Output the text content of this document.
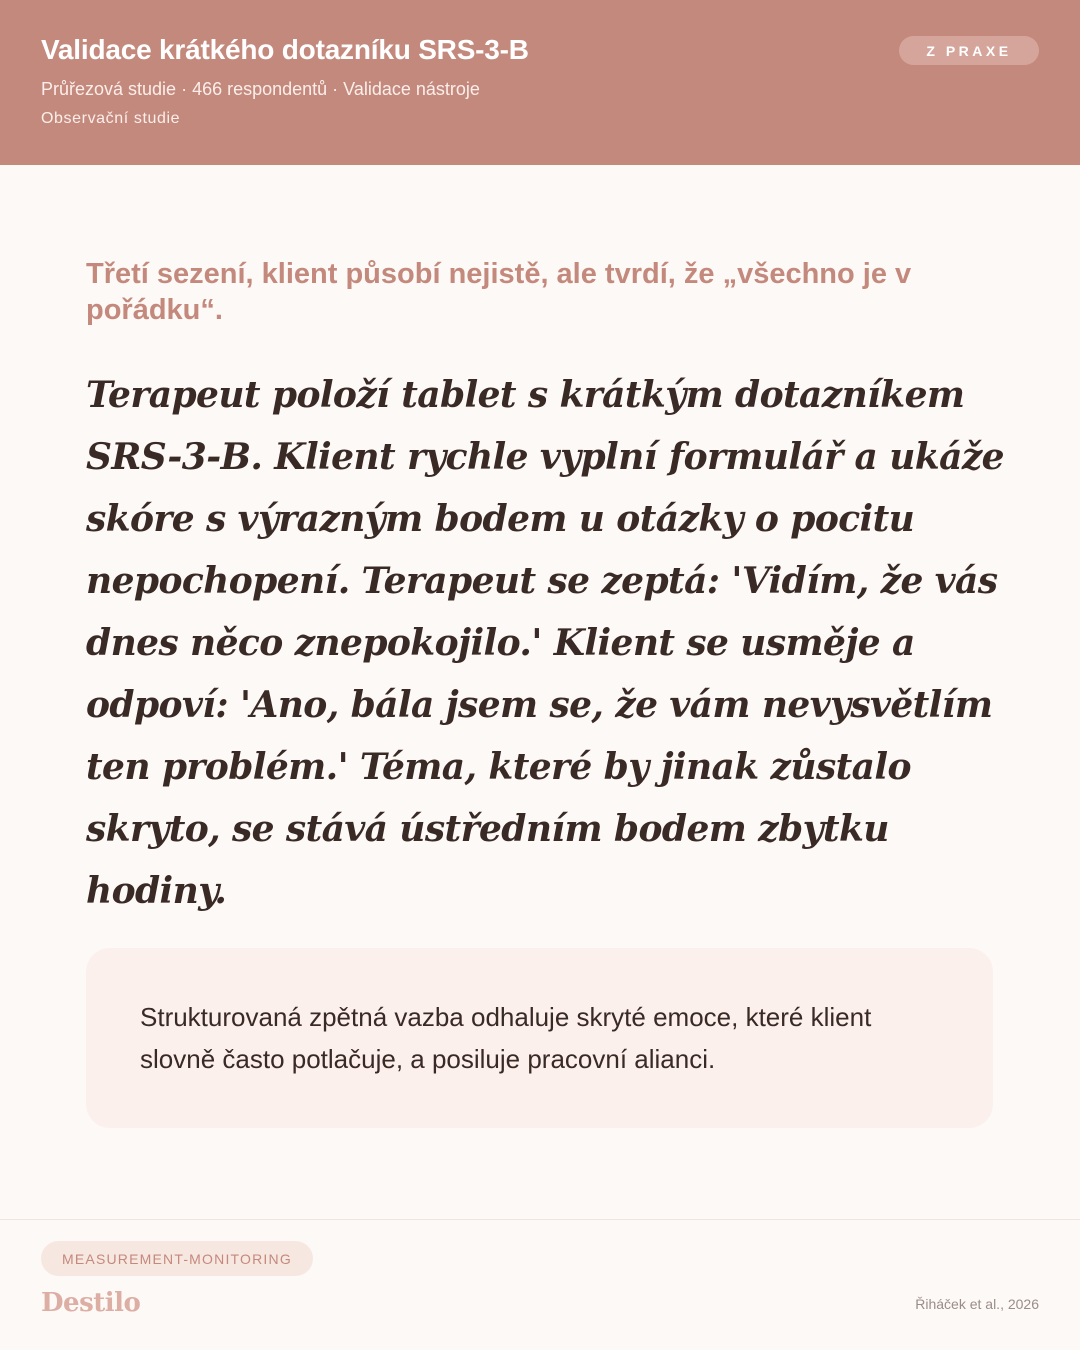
Validace krátkého dotazníku SRS-3-B
Průřezová studie · 466 respondentů · Validace nástroje
Observační studie
Z PRAXE

Třetí sezení, klient působí nejistě, ale tvrdí, že „všechno je v pořádku“.

Terapeut položí tablet s krátkým dotazníkem SRS-3-B. Klient rychle vyplní formulář a ukáže skóre s výrazným bodem u otázky o pocitu nepochopení. Terapeut se zeptá: 'Vidím, že vás dnes něco znepokojilo.' Klient se usměje a odpoví: 'Ano, bála jsem se, že vám nevysvětlím ten problém.' Téma, které by jinak zůstalo skryto, se stává ústředním bodem zbytku hodiny.

Strukturovaná zpětná vazba odhaluje skryté emoce, které klient slovně často potlačuje, a posiluje pracovní alianci.

MEASUREMENT-MONITORING
Destilo	Řiháček et al., 2026
